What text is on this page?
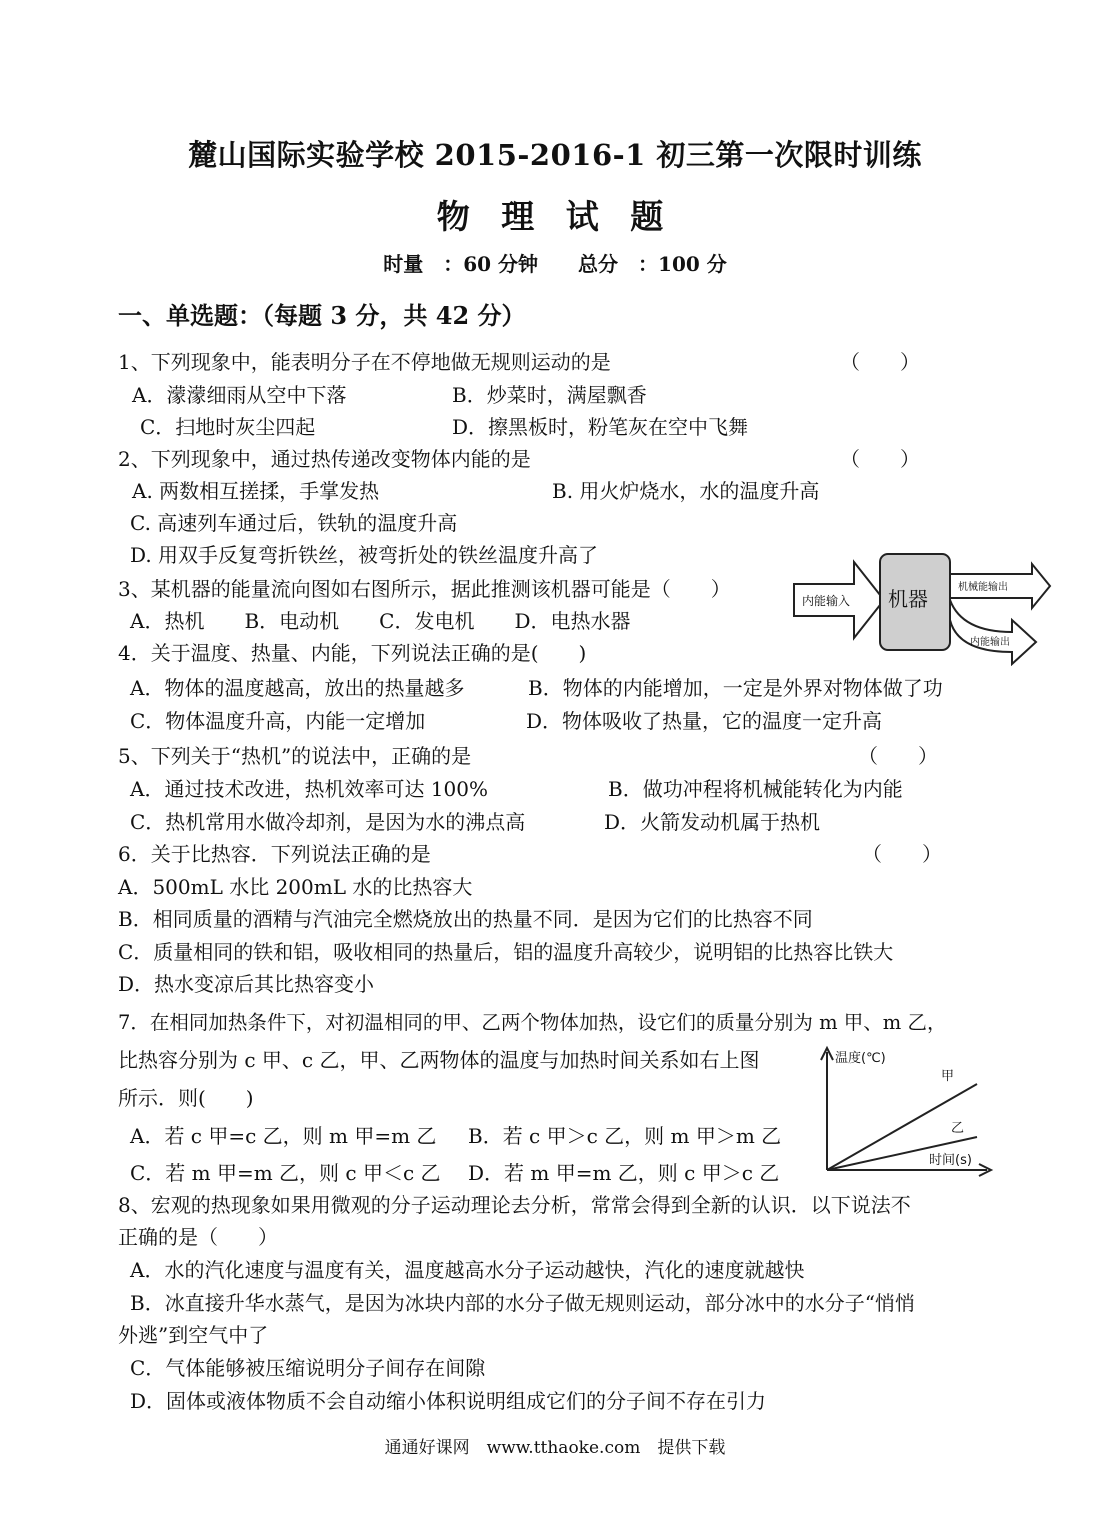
麓山国际实验学校 2015-2016-1 初三第一次限时训练
物 理 试 题
时量　：60 分钟　　总分　：100 分
一、单选题：（每题 3 分，共 42 分）
1、下列现象中，能表明分子在不停地做无规则运动的是	（　　）
A．濛濛细雨从空中下落	B．炒菜时，满屋飘香
C．扫地时灰尘四起	D．擦黑板时，粉笔灰在空中飞舞
2、下列现象中，通过热传递改变物体内能的是	（　　）
A. 两数相互搓揉，手掌发热	B. 用火炉烧水，水的温度升高
C. 高速列车通过后，铁轨的温度升高
D. 用双手反复弯折铁丝，被弯折处的铁丝温度升高了
3、某机器的能量流向图如右图所示，据此推测该机器可能是（　　）
A．热机　　B．电动机　　C．发电机　　D．电热水器
内能输入 机器	机械能输出
内能输出
4．关于温度、热量、内能，下列说法正确的是(　　)
A．物体的温度越高，放出的热量越多	B．物体的内能增加，一定是外界对物体做了功
C．物体温度升高，内能一定增加	D．物体吸收了热量，它的温度一定升高
5、下列关于“热机”的说法中，正确的是	（　　）
A．通过技术改进，热机效率可达 100%	B．做功冲程将机械能转化为内能
C．热机常用水做冷却剂，是因为水的沸点高	D．火箭发动机属于热机
6．关于比热容．下列说法正确的是	（　　）
A．500mL 水比 200mL 水的比热容大
B．相同质量的酒精与汽油完全燃烧放出的热量不同．是因为它们的比热容不同
C．质量相同的铁和铝，吸收相同的热量后，铝的温度升高较少，说明铝的比热容比铁大
D．热水变凉后其比热容变小
7．在相同加热条件下，对初温相同的甲、乙两个物体加热，设它们的质量分别为 m 甲、m 乙，
比热容分别为 c 甲、c 乙，甲、乙两物体的温度与加热时间关系如右上图
所示．则(　　)
A．若 c 甲=c 乙，则 m 甲=m 乙 B．若 c 甲＞c 乙，则 m 甲＞m 乙
C．若 m 甲=m 乙，则 c 甲＜c 乙 D．若 m 甲=m 乙，则 c 甲＞c 乙
温度(℃)
时间(s)
甲
乙
8、宏观的热现象如果用微观的分子运动理论去分析，常常会得到全新的认识．以下说法不
正确的是（　　）
A．水的汽化速度与温度有关，温度越高水分子运动越快，汽化的速度就越快
B．冰直接升华水蒸气，是因为冰块内部的水分子做无规则运动，部分冰中的水分子“悄悄
外逃”到空气中了
C．气体能够被压缩说明分子间存在间隙
D．固体或液体物质不会自动缩小体积说明组成它们的分子间不存在引力
通通好课网　www.tthaoke.com　提供下载
